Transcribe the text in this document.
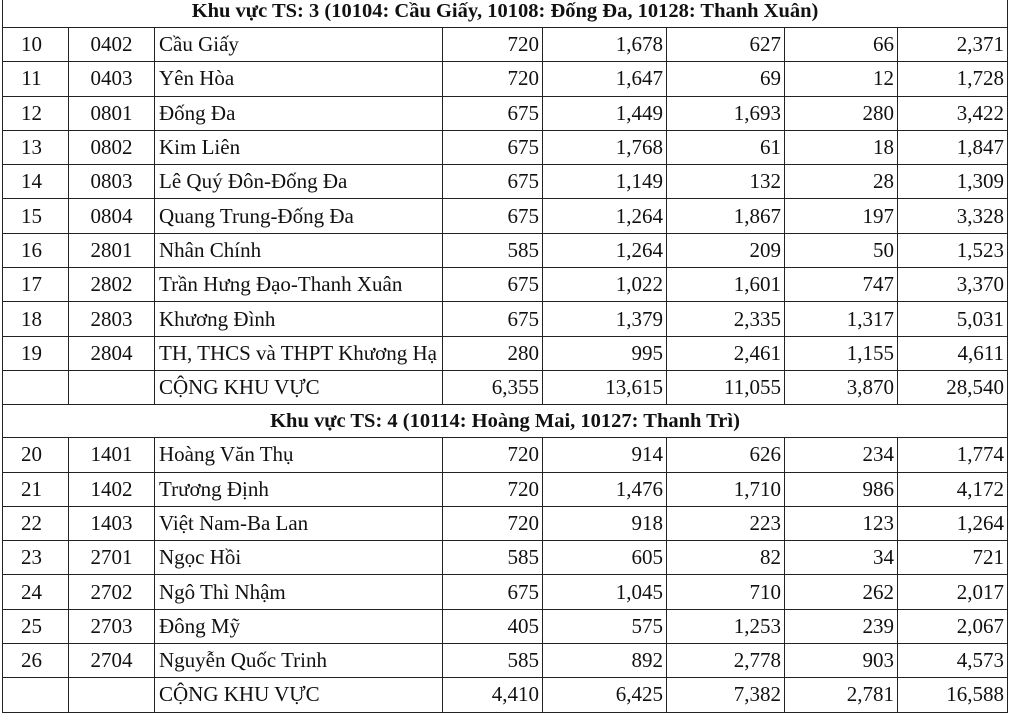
Khu vực TS: 3 (10104: Cầu Giấy, 10108: Đống Đa, 10128: Thanh Xuân)							
10	0402	Cầu Giấy	720	1,678	627	66	2,371
11	0403	Yên Hòa	720	1,647	69	12	1,728
12	0801	Đống Đa	675	1,449	1,693	280	3,422
13	0802	Kim Liên	675	1,768	61	18	1,847
14	0803	Lê Quý Đôn-Đống Đa	675	1,149	132	28	1,309
15	0804	Quang Trung-Đống Đa	675	1,264	1,867	197	3,328
16	2801	Nhân Chính	585	1,264	209	50	1,523
17	2802	Trần Hưng Đạo-Thanh Xuân	675	1,022	1,601	747	3,370
18	2803	Khương Đình	675	1,379	2,335	1,317	5,031
19	2804	TH, THCS và THPT Khương Hạ	280	995	2,461	1,155	4,611
		CỘNG KHU VỰC	6,355	13,615	11,055	3,870	28,540
Khu vực TS: 4 (10114: Hoàng Mai, 10127: Thanh Trì)							
20	1401	Hoàng Văn Thụ	720	914	626	234	1,774
21	1402	Trương Định	720	1,476	1,710	986	4,172
22	1403	Việt Nam-Ba Lan	720	918	223	123	1,264
23	2701	Ngọc Hồi	585	605	82	34	721
24	2702	Ngô Thì Nhậm	675	1,045	710	262	2,017
25	2703	Đông Mỹ	405	575	1,253	239	2,067
26	2704	Nguyễn Quốc Trinh	585	892	2,778	903	4,573
		CỘNG KHU VỰC	4,410	6,425	7,382	2,781	16,588
